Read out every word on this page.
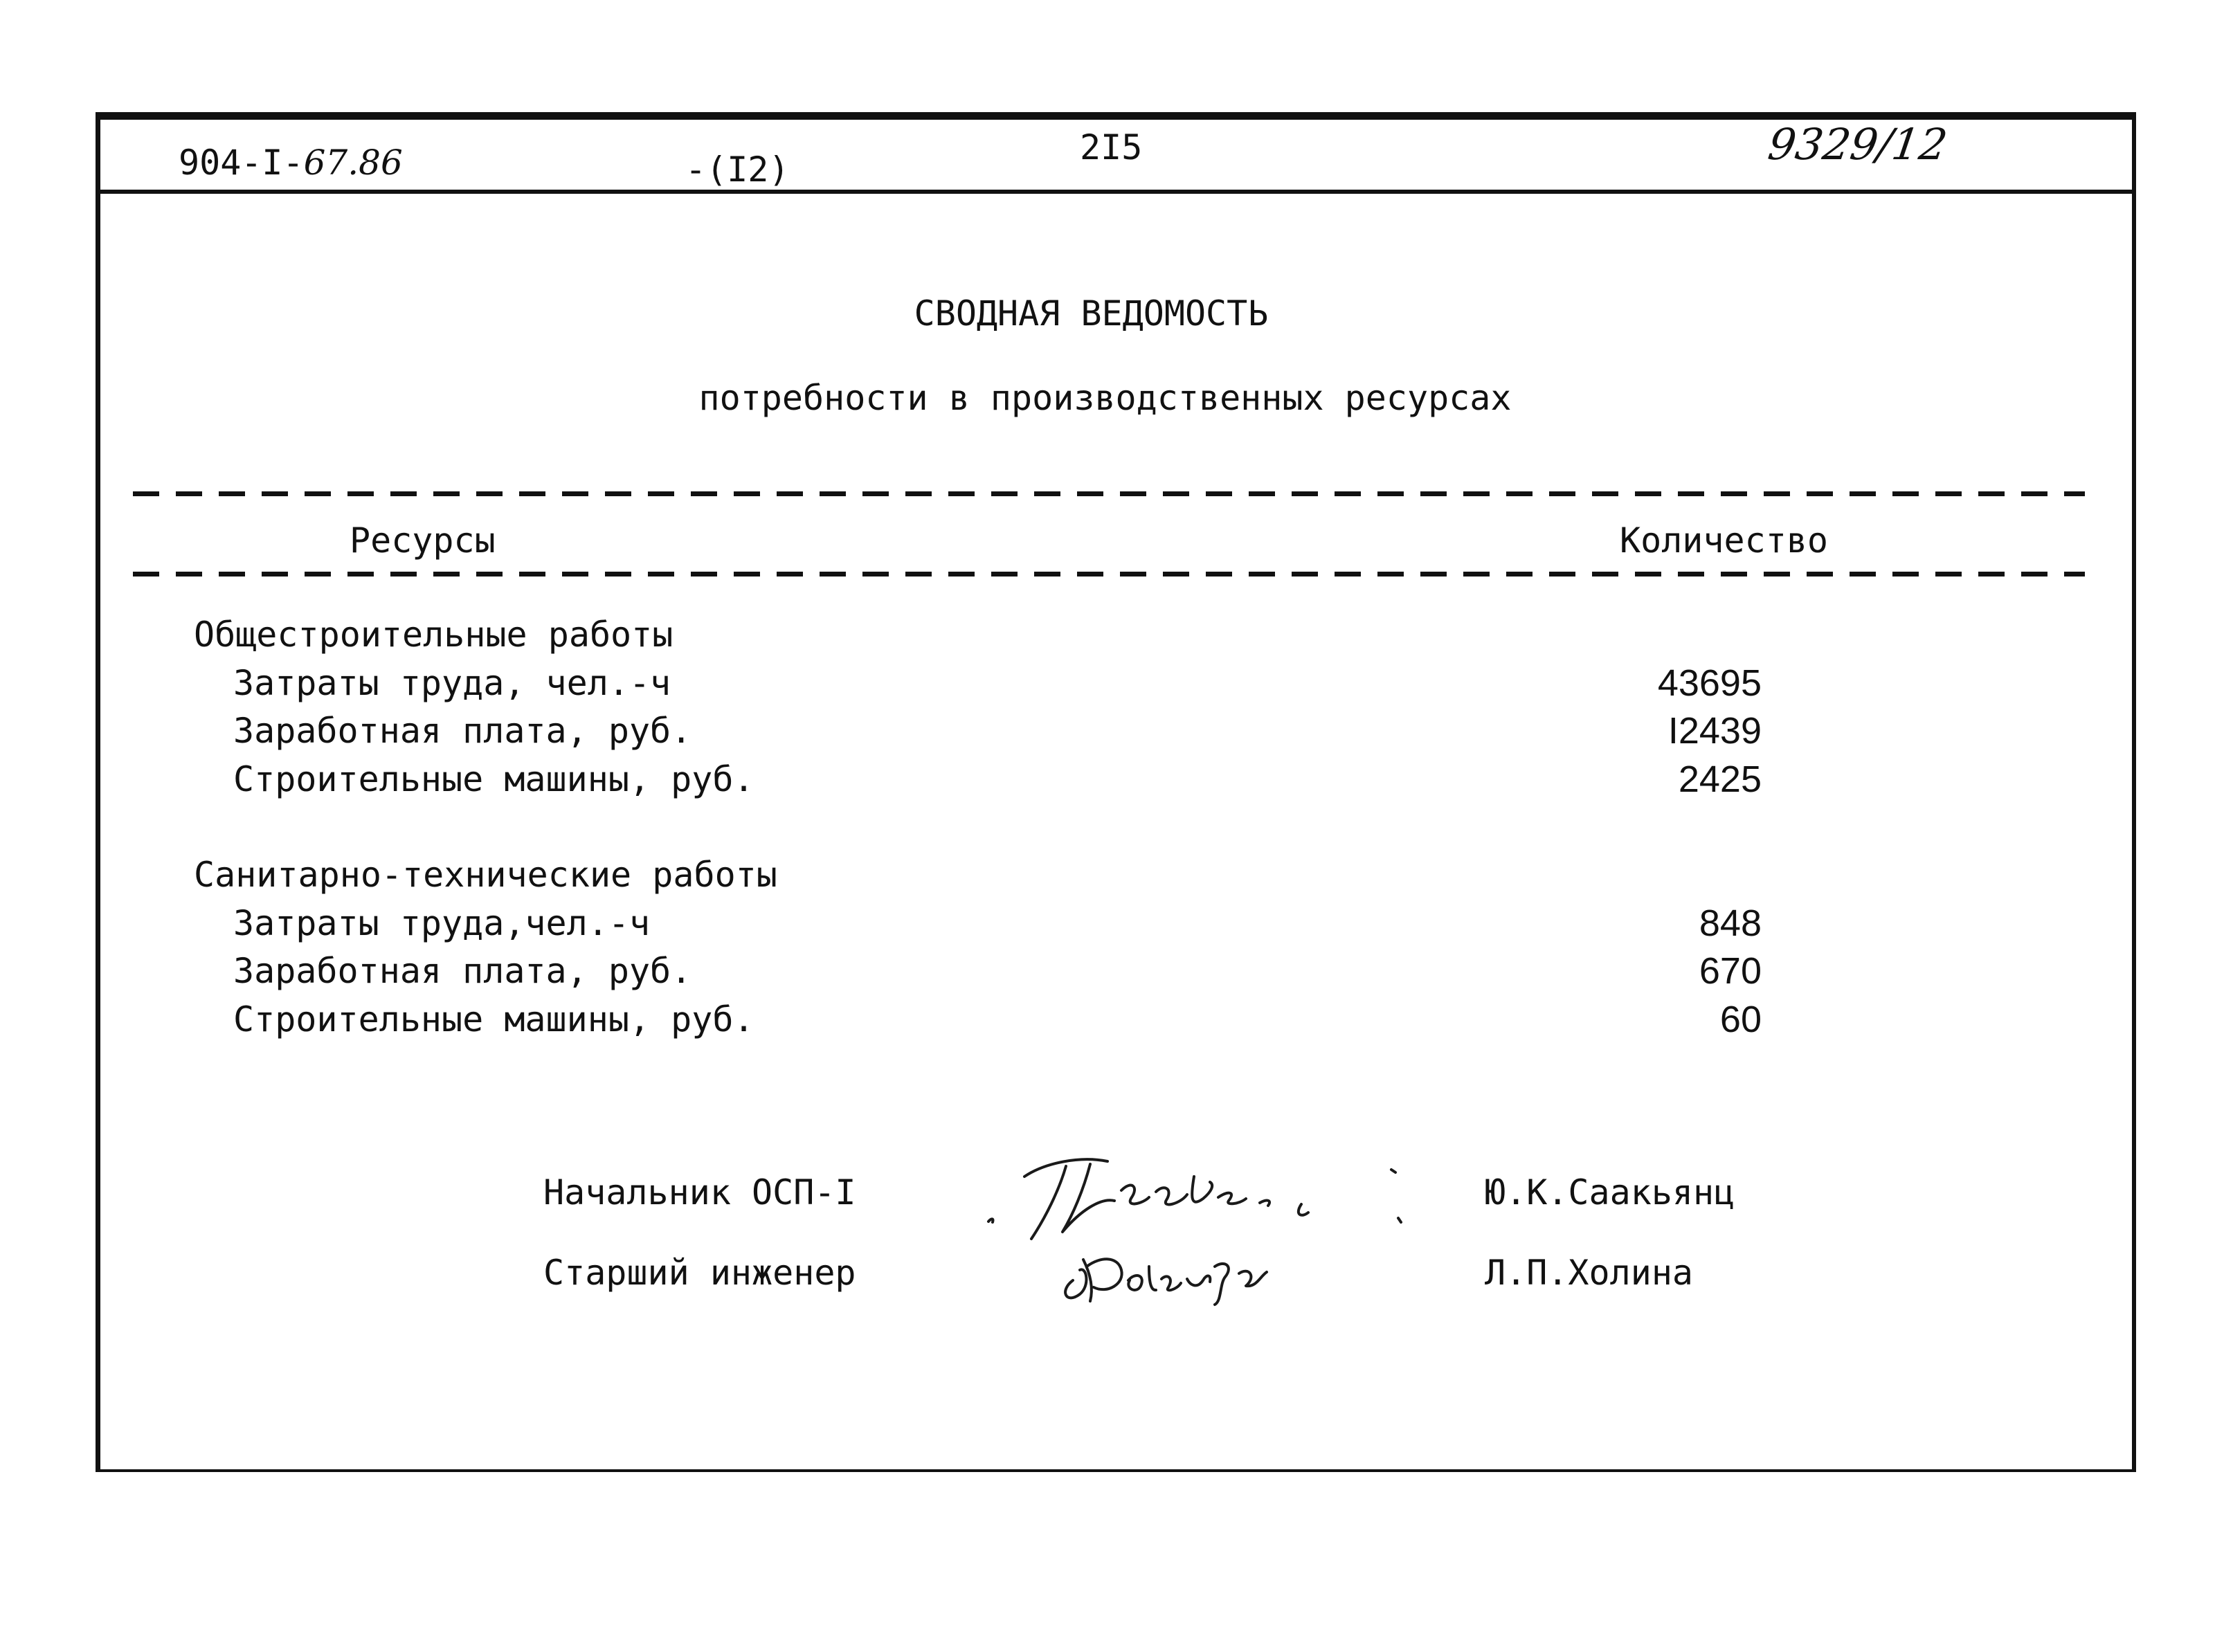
904-I-67.86	-(I2)
2I5	9329/12
СВОДНАЯ ВЕДОМОСТЬ
потребности в производственных ресурсах
Ресурсы	Количество
Общестроительные работы
Затраты труда, чел.-ч	43695
Заработная плата, руб.	I2439
Строительные машины, руб.	2425
Санитарно-технические работы
Затраты труда,чел.-ч	848
Заработная плата, руб.	670
Строительные машины, руб.	60
Начальник ОСП-I	Ю.К.Саакьянц
Старший инженер	Л.П.Холина
